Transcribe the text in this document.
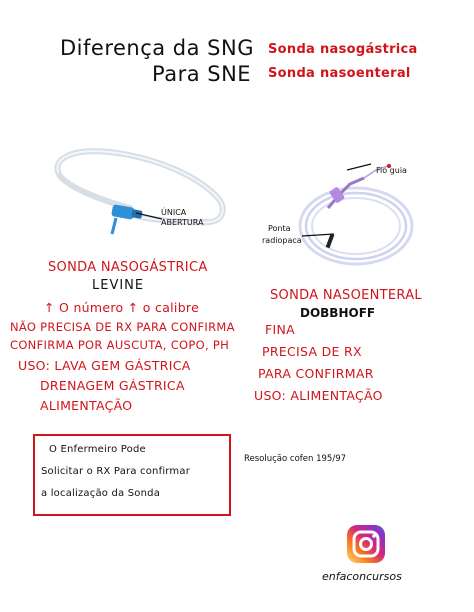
Diferença da SNG
Para SNE
Sonda nasogástrica
Sonda nasoenteral
ÚNICA
ABERTURA
Fio guia
Ponta
radiopaca
SONDA NASOGÁSTRICA
LEVINE
↑ O número ↑ o calibre
NÃO PRECISA DE RX PARA CONFIRMA
CONFIRMA POR AUSCUTA, COPO, PH
USO: LAVA GEM GÁSTRICA
DRENAGEM GÁSTRICA
ALIMENTAÇÃO
SONDA NASOENTERAL
DOBBHOFF
FINA
PRECISA DE RX
PARA CONFIRMAR
USO: ALIMENTAÇÃO
O Enfermeiro Pode
Solicitar o RX Para confirmar
a localização da Sonda
Resolução cofen 195/97
enfaconcursos
